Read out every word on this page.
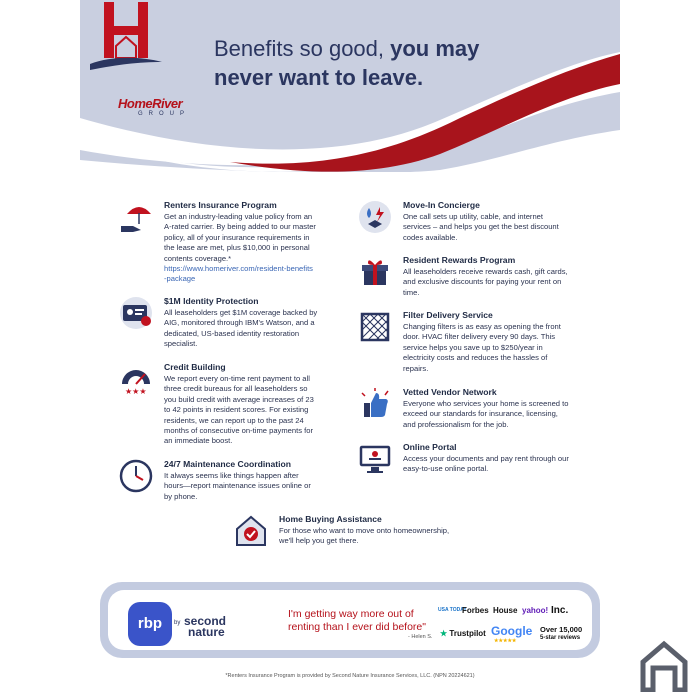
HomeRiver
GROUP
Benefits so good, you may
never want to leave.
Renters Insurance Program
Get an industry-leading value policy from an
A-rated carrier. By being added to our master
policy, all of your insurance requirements in
the lease are met, plus $10,000 in personal
contents coverage.*
https://www.homeriver.com/resident-benefits
-package
$1M Identity Protection
All leaseholders get $1M coverage backed by
AIG, monitored through IBM's Watson, and a
dedicated, US-based identity restoration
specialist.
★★★
Credit Building
We report every on-time rent payment to all
three credit bureaus for all leaseholders so
you build credit with average increases of 23
to 42 points in resident scores. For existing
residents, we can report up to the past 24
months of consecutive on-time payments for
an immediate boost.
24/7 Maintenance Coordination
It always seems like things happen after
hours—report maintenance issues online or
by phone.
Move-In Concierge
One call sets up utility, cable, and internet
services – and helps you get the best discount
codes available.
Resident Rewards Program
All leaseholders receive rewards cash, gift cards,
and exclusive discounts for paying your rent on
time.
Filter Delivery Service
Changing filters is as easy as opening the front
door. HVAC filter delivery every 90 days. This
service helps you save up to $250/year in
electricity costs and reduces the hassles of
repairs.
Vetted Vendor Network
Everyone who services your home is screened to
exceed our standards for insurance, licensing,
and professionalism for the job.
Online Portal
Access your documents and pay rent through our
easy-to-use online portal.
Home Buying Assistance
For those who want to move onto homeownership,
we'll help you get there.
rbp	by second
nature
I'm getting way more out of
renting than I ever did before"
- Helen S.
USA TODAY
Forbes House yahoo! Inc.
★ Trustpilot Google
★★★★★
Over 15,000
5-star reviews
*Renters Insurance Program is provided by Second Nature Insurance Services, LLC. (NPN 20224621)
